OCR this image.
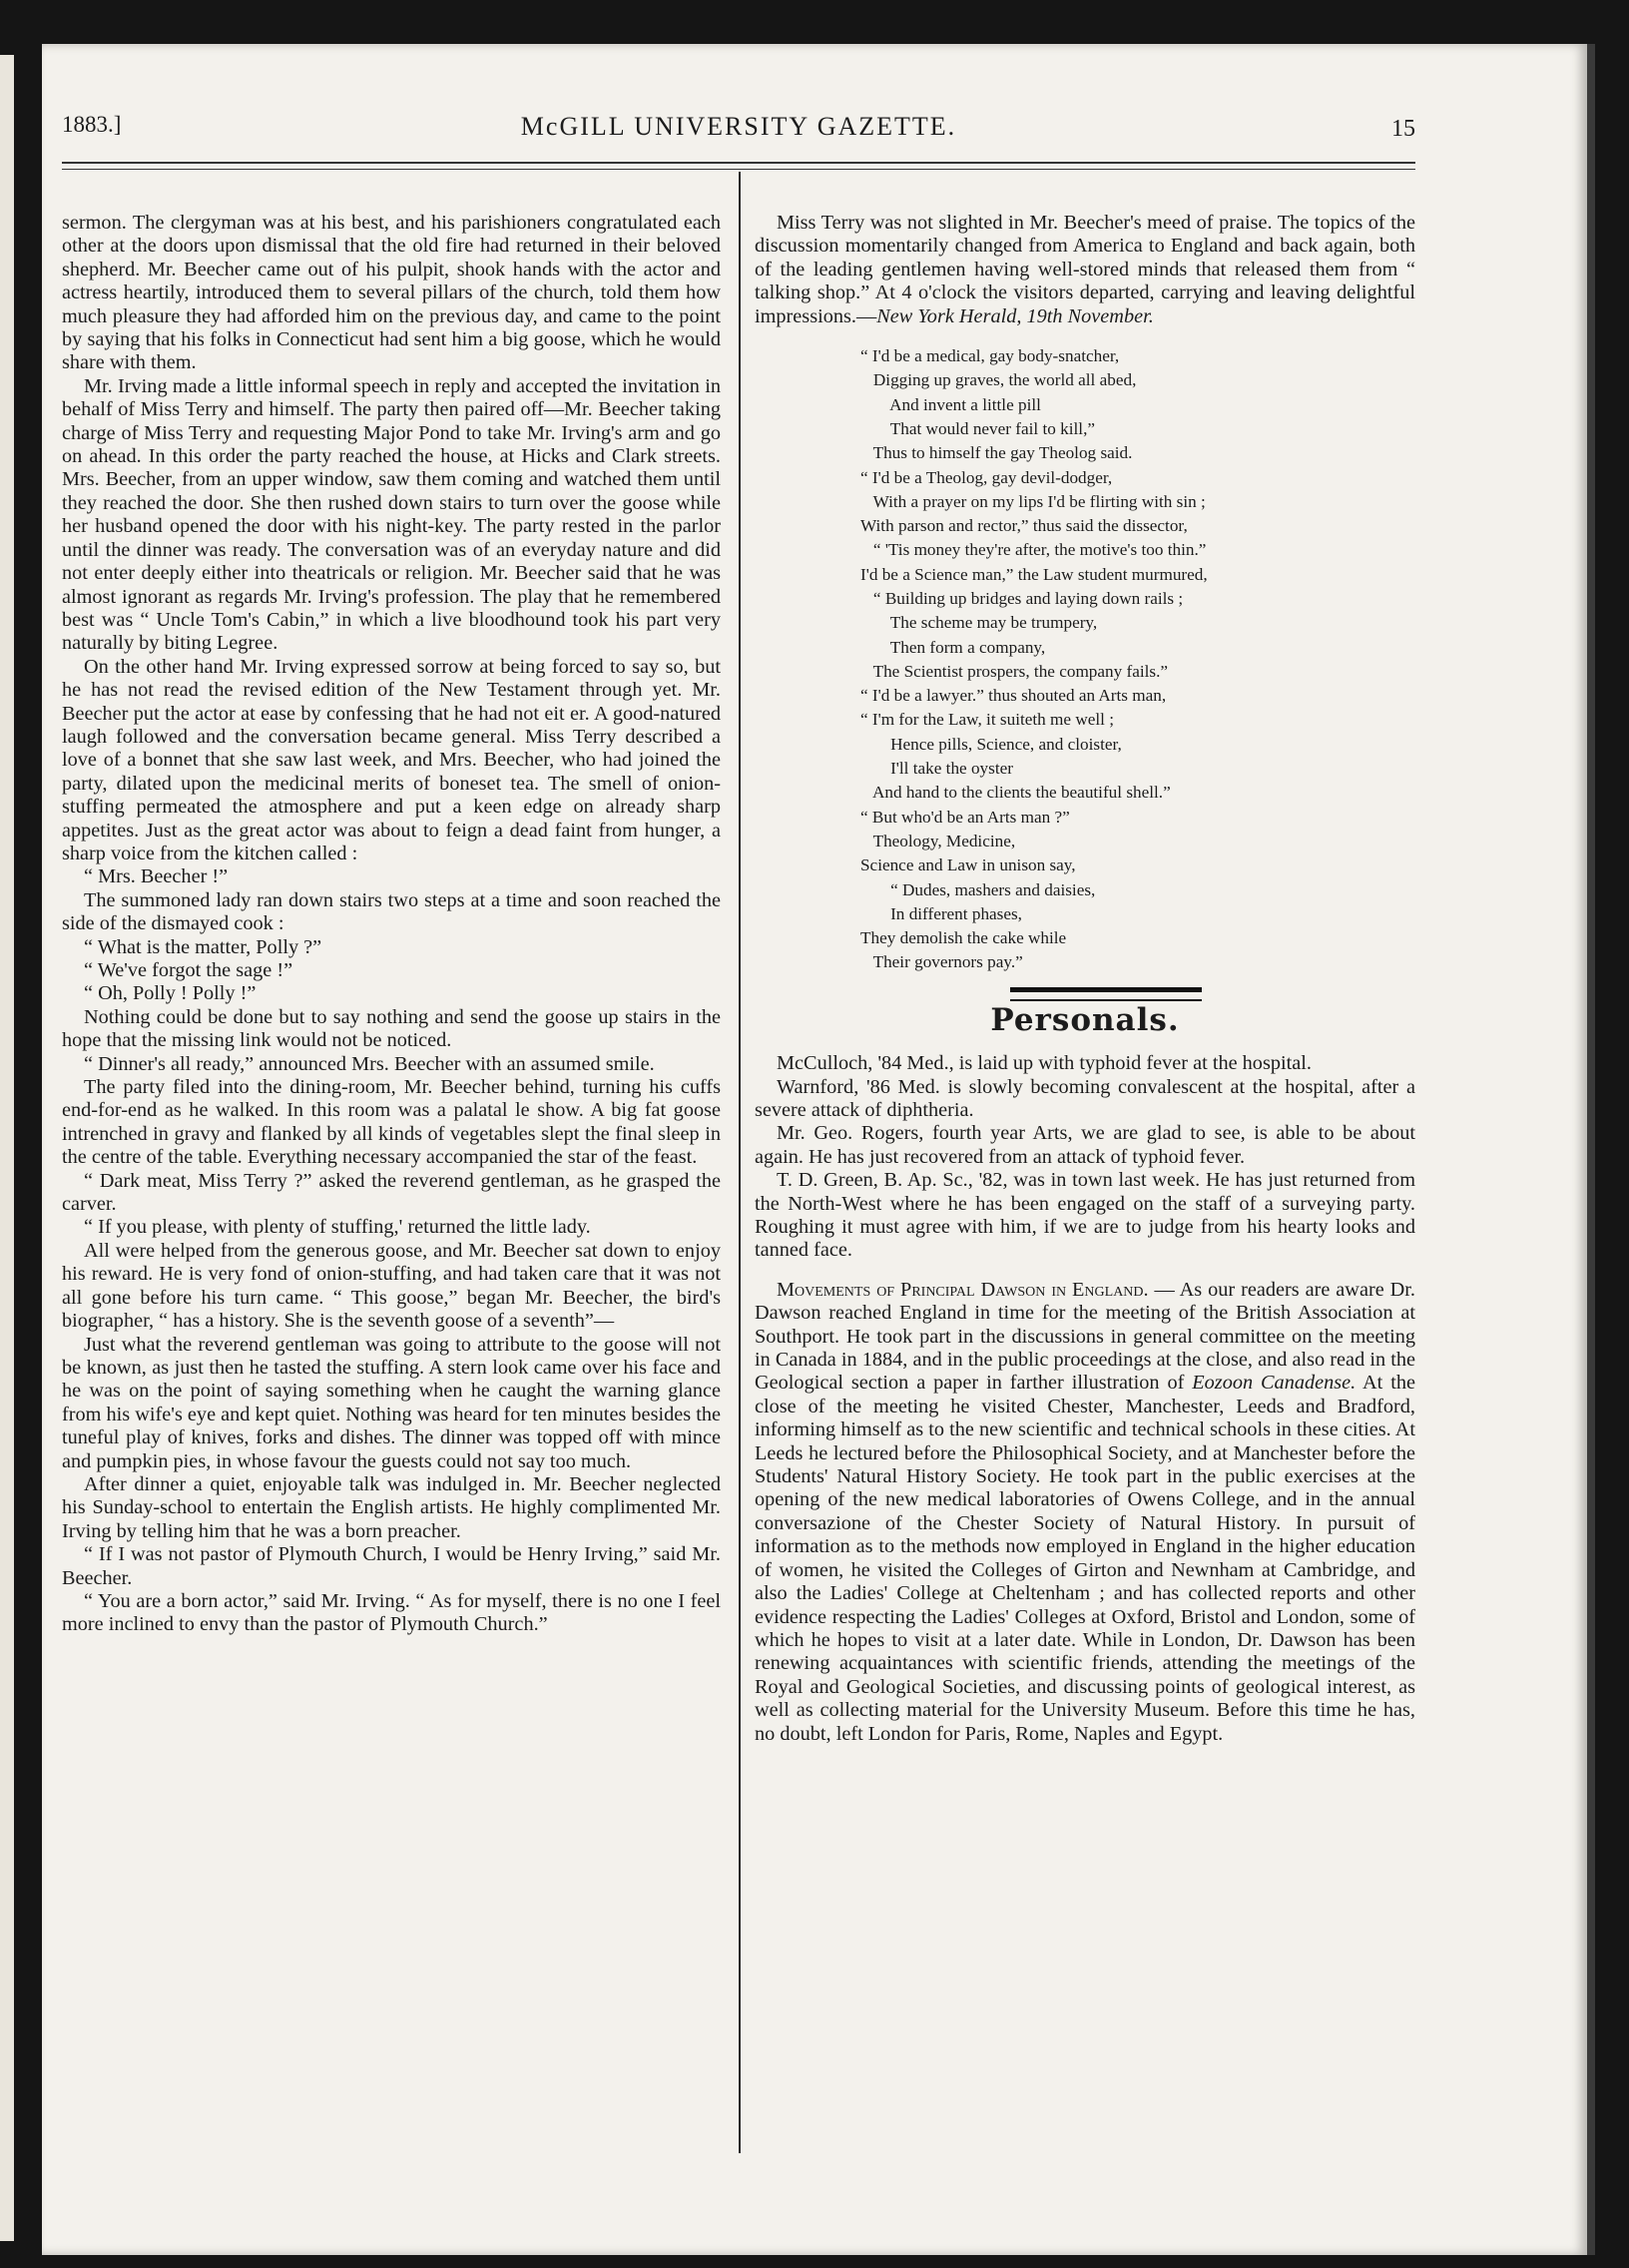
1883.]	McGILL UNIVERSITY GAZETTE.	15

sermon. The clergyman was at his best, and his parishioners congratulated each other at the doors upon dismissal that the old fire had returned in their beloved shepherd. Mr. Beecher came out of his pulpit, shook hands with the actor and actress heartily, introduced them to several pillars of the church, told them how much pleasure they had afforded him on the previous day, and came to the point by saying that his folks in Connecticut had sent him a big goose, which he would share with them.

Mr. Irving made a little informal speech in reply and accepted the invitation in behalf of Miss Terry and himself. The party then paired off—Mr. Beecher taking charge of Miss Terry and requesting Major Pond to take Mr. Irving's arm and go on ahead. In this order the party reached the house, at Hicks and Clark streets. Mrs. Beecher, from an upper window, saw them coming and watched them until they reached the door. She then rushed down stairs to turn over the goose while her husband opened the door with his night-key. The party rested in the parlor until the dinner was ready. The conversation was of an everyday nature and did not enter deeply either into theatricals or religion. Mr. Beecher said that he was almost ignorant as regards Mr. Irving's profession. The play that he remembered best was “ Uncle Tom's Cabin,” in which a live bloodhound took his part very naturally by biting Legree.

On the other hand Mr. Irving expressed sorrow at being forced to say so, but he has not read the revised edition of the New Testament through yet. Mr. Beecher put the actor at ease by confessing that he had not eit er. A good-natured laugh followed and the conversation became general. Miss Terry described a love of a bonnet that she saw last week, and Mrs. Beecher, who had joined the party, dilated upon the medicinal merits of boneset tea. The smell of onion-stuffing permeated the atmosphere and put a keen edge on already sharp appetites. Just as the great actor was about to feign a dead faint from hunger, a sharp voice from the kitchen called :

“ Mrs. Beecher !”

The summoned lady ran down stairs two steps at a time and soon reached the side of the dismayed cook :

“ What is the matter, Polly ?”

“ We've forgot the sage !”

“ Oh, Polly ! Polly !”

Nothing could be done but to say nothing and send the goose up stairs in the hope that the missing link would not be noticed.

“ Dinner's all ready,” announced Mrs. Beecher with an assumed smile.

The party filed into the dining-room, Mr. Beecher behind, turning his cuffs end-for-end as he walked. In this room was a palatal le show. A big fat goose intrenched in gravy and flanked by all kinds of vegetables slept the final sleep in the centre of the table. Everything necessary accompanied the star of the feast.

“ Dark meat, Miss Terry ?” asked the reverend gentleman, as he grasped the carver.

“ If you please, with plenty of stuffing,' returned the little lady.

All were helped from the generous goose, and Mr. Beecher sat down to enjoy his reward. He is very fond of onion-stuffing, and had taken care that it was not all gone before his turn came. “ This goose,” began Mr. Beecher, the bird's biographer, “ has a history. She is the seventh goose of a seventh”—

Just what the reverend gentleman was going to attribute to the goose will not be known, as just then he tasted the stuffing. A stern look came over his face and he was on the point of saying something when he caught the warning glance from his wife's eye and kept quiet. Nothing was heard for ten minutes besides the tuneful play of knives, forks and dishes. The dinner was topped off with mince and pumpkin pies, in whose favour the guests could not say too much.

After dinner a quiet, enjoyable talk was indulged in. Mr. Beecher neglected his Sunday-school to entertain the English artists. He highly complimented Mr. Irving by telling him that he was a born preacher.

“ If I was not pastor of Plymouth Church, I would be Henry Irving,” said Mr. Beecher.

“ You are a born actor,” said Mr. Irving. “ As for myself, there is no one I feel more inclined to envy than the pastor of Plymouth Church.”

Miss Terry was not slighted in Mr. Beecher's meed of praise. The topics of the discussion momentarily changed from America to England and back again, both of the leading gentlemen having well-stored minds that released them from “ talking shop.” At 4 o'clock the visitors departed, carrying and leaving delightful impressions.—New York Herald, 19th November.

“ I'd be a medical, gay body-snatcher,
Digging up graves, the world all abed,
And invent a little pill
That would never fail to kill,”
Thus to himself the gay Theolog said.
“ I'd be a Theolog, gay devil-dodger,
With a prayer on my lips I'd be flirting with sin ;
With parson and rector,” thus said the dissector,
“ 'Tis money they're after, the motive's too thin.”
I'd be a Science man,” the Law student murmured,
“ Building up bridges and laying down rails ;
The scheme may be trumpery,
Then form a company,
The Scientist prospers, the company fails.”
“ I'd be a lawyer.” thus shouted an Arts man,
“ I'm for the Law, it suiteth me well ;
Hence pills, Science, and cloister,
I'll take the oyster
And hand to the clients the beautiful shell.”
“ But who'd be an Arts man ?”
Theology, Medicine,
Science and Law in unison say,
“ Dudes, mashers and daisies,
In different phases,
They demolish the cake while
Their governors pay.”
Personals.

McCulloch, '84 Med., is laid up with typhoid fever at the hospital.

Warnford, '86 Med. is slowly becoming convalescent at the hospital, after a severe attack of diphtheria.

Mr. Geo. Rogers, fourth year Arts, we are glad to see, is able to be about again. He has just recovered from an attack of typhoid fever.

T. D. Green, B. Ap. Sc., '82, was in town last week. He has just returned from the North-West where he has been engaged on the staff of a surveying party. Roughing it must agree with him, if we are to judge from his hearty looks and tanned face.

Movements of Principal Dawson in England. — As our readers are aware Dr. Dawson reached England in time for the meeting of the British Association at Southport. He took part in the discussions in general committee on the meeting in Canada in 1884, and in the public proceedings at the close, and also read in the Geological section a paper in farther illustration of Eozoon Canadense. At the close of the meeting he visited Chester, Manchester, Leeds and Bradford, informing himself as to the new scientific and technical schools in these cities. At Leeds he lectured before the Philosophical Society, and at Manchester before the Students' Natural History Society. He took part in the public exercises at the opening of the new medical laboratories of Owens College, and in the annual conversazione of the Chester Society of Natural History. In pursuit of information as to the methods now employed in England in the higher education of women, he visited the Colleges of Girton and Newnham at Cambridge, and also the Ladies' College at Cheltenham ; and has collected reports and other evidence respecting the Ladies' Colleges at Oxford, Bristol and London, some of which he hopes to visit at a later date. While in London, Dr. Dawson has been renewing acquaintances with scientific friends, attending the meetings of the Royal and Geological Societies, and discussing points of geological interest, as well as collecting material for the University Museum. Before this time he has, no doubt, left London for Paris, Rome, Naples and Egypt.
